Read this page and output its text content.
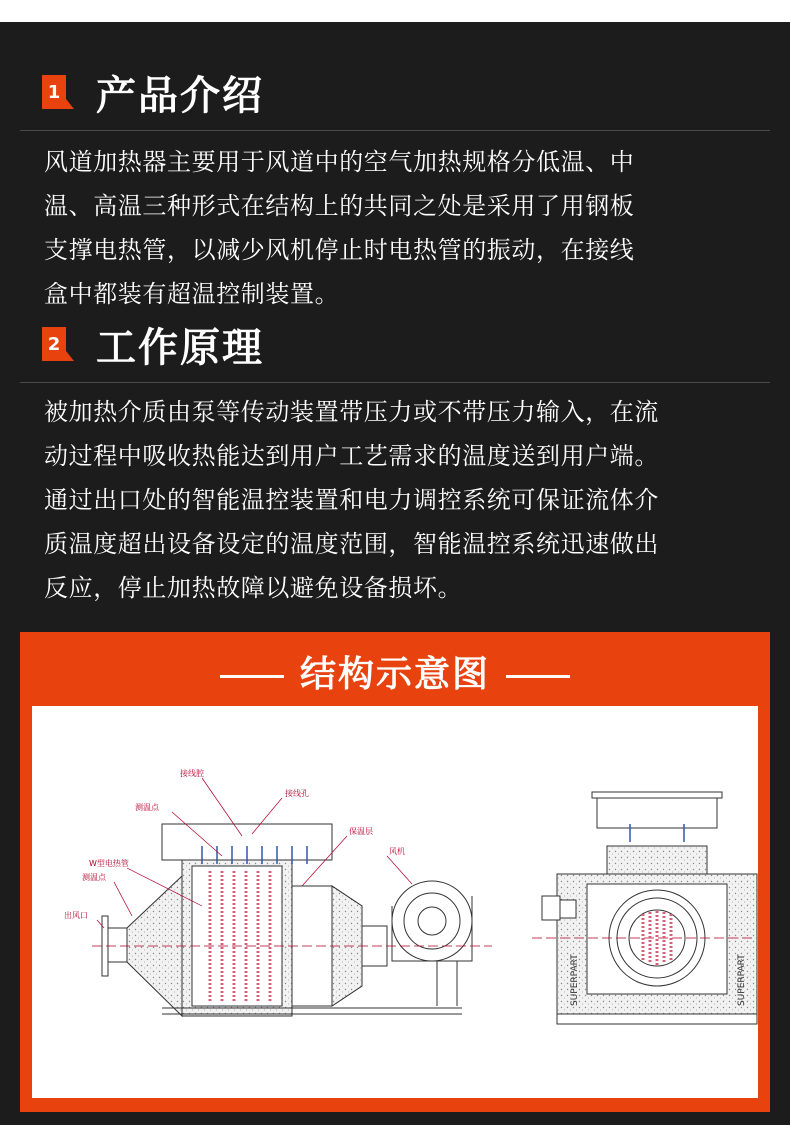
1 产品介绍
风道加热器主要用于风道中的空气加热规格分低温、中
温、高温三种形式在结构上的共同之处是采用了用钢板
支撑电热管，以减少风机停止时电热管的振动，在接线
盒中都装有超温控制装置。
2 工作原理
被加热介质由泵等传动装置带压力或不带压力输入，在流
动过程中吸收热能达到用户工艺需求的温度送到用户端。
通过出口处的智能温控装置和电力调控系统可保证流体介
质温度超出设备设定的温度范围，智能温控系统迅速做出
反应，停止加热故障以避免设备损坏。
结构示意图
接线腔
接线孔
测温点
保温层
W型电热管
风机
测温点
出风口
SUPERPART	SUPERPART
